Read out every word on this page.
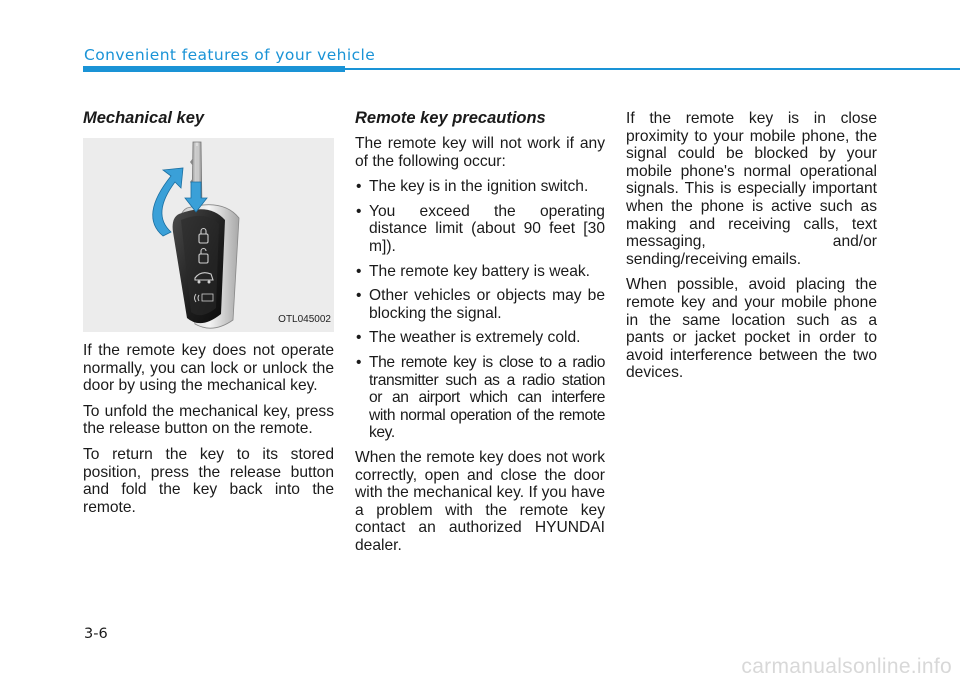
Convenient features of your vehicle
Mechanical key
OTL045002

If the remote key does not operate normally, you can lock or unlock the door by using the mechanical key.

To unfold the mechanical key, press the release button on the remote.

To return the key to its stored position, press the release button and fold the key back into the remote.

Remote key precautions

The remote key will not work if any of the following occur:

• The key is in the ignition switch.
• You exceed the operating distance limit (about 90 feet [30 m]).
• The remote key battery is weak.
• Other vehicles or objects may be blocking the signal.
• The weather is extremely cold.
• The remote key is close to a radio transmitter such as a radio station or an airport which can interfere with normal operation of the remote key.

When the remote key does not work correctly, open and close the door with the mechanical key. If you have a problem with the remote key contact an authorized HYUNDAI dealer.

If the remote key is in close proximity to your mobile phone, the signal could be blocked by your mobile phone's normal operational signals. This is especially important when the phone is active such as making and receiving calls, text messaging, and/or sending/receiving emails.

When possible, avoid placing the remote key and your mobile phone in the same location such as a pants or jacket pocket in order to avoid interference between the two devices.

3-6
carmanualsonline.info
